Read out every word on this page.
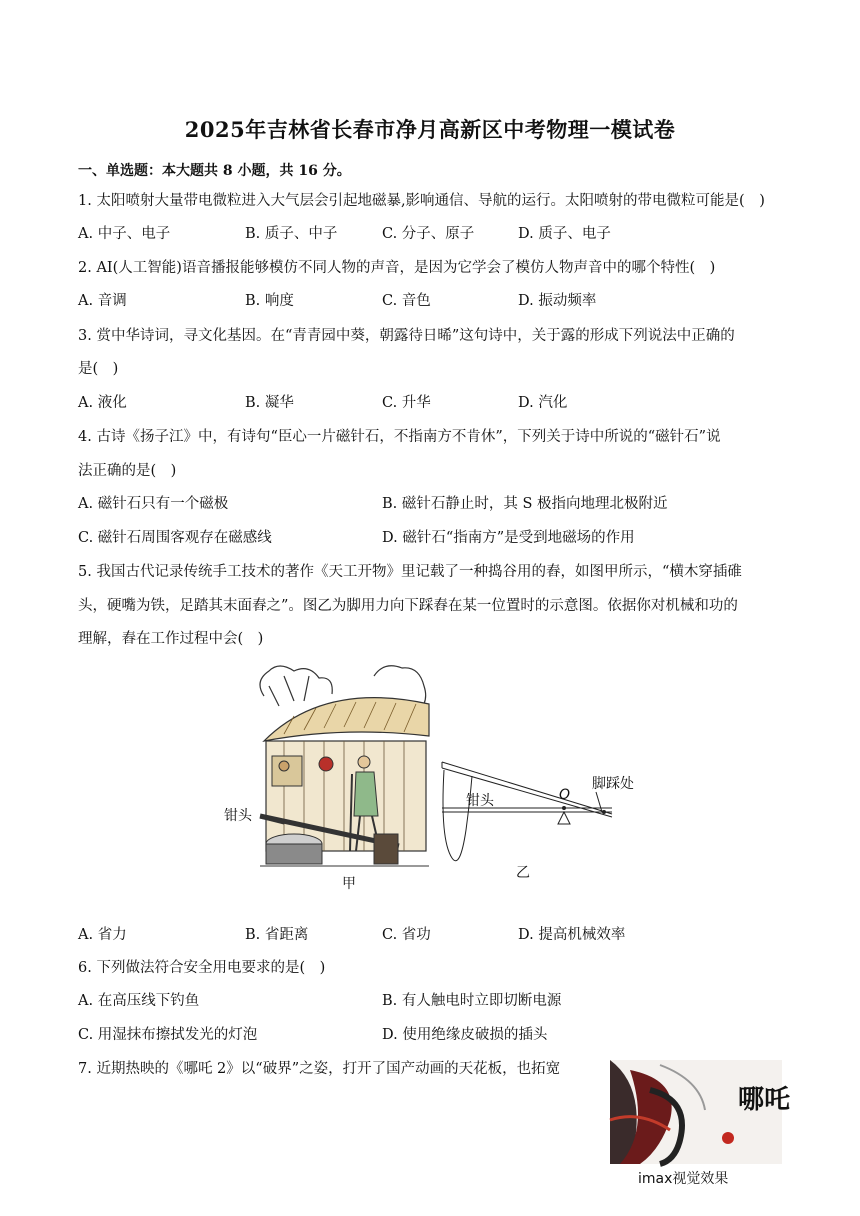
2025年吉林省长春市净月高新区中考物理一模试卷
一、单选题：本大题共 8 小题，共 16 分。
1. 太阳喷射大量带电微粒进入大气层会引起地磁暴,影响通信、导航的运行。太阳喷射的带电微粒可能是(　)
A. 中子、电子	B. 质子、中子	C. 分子、原子	D. 质子、电子
2. AI(人工智能)语音播报能够模仿不同人物的声音，是因为它学会了模仿人物声音中的哪个特性(　)
A. 音调	B. 响度	C. 音色	D. 振动频率
3. 赏中华诗词，寻文化基因。在“青青园中葵，朝露待日晞”这句诗中，关于露的形成下列说法中正确的
是(　)
A. 液化	B. 凝华	C. 升华	D. 汽化
4. 古诗《扬子江》中，有诗句“臣心一片磁针石，不指南方不肯休”，下列关于诗中所说的“磁针石”说
法正确的是(　)
A. 磁针石只有一个磁极	B. 磁针石静止时，其 S 极指向地理北极附近
C. 磁针石周围客观存在磁感线	D. 磁针石“指南方”是受到地磁场的作用
5. 我国古代记录传统手工技术的著作《天工开物》里记载了一种捣谷用的舂，如图甲所示，“横木穿插碓
头，硬嘴为铁，足踏其末面舂之”。图乙为脚用力向下踩舂在某一位置时的示意图。依据你对机械和功的
理解，舂在工作过程中会(　)
钳头
甲
钳头	O
脚踩处
乙
A. 省力	B. 省距离	C. 省功	D. 提高机械效率
6. 下列做法符合安全用电要求的是(　)
A. 在高压线下钓鱼	B. 有人触电时立即切断电源
C. 用湿抹布擦拭发光的灯泡	D. 使用绝缘皮破损的插头
7. 近期热映的《哪吒 2》以“破界”之姿，打开了国产动画的天花板，也拓宽
哪吒
imax视觉效果
